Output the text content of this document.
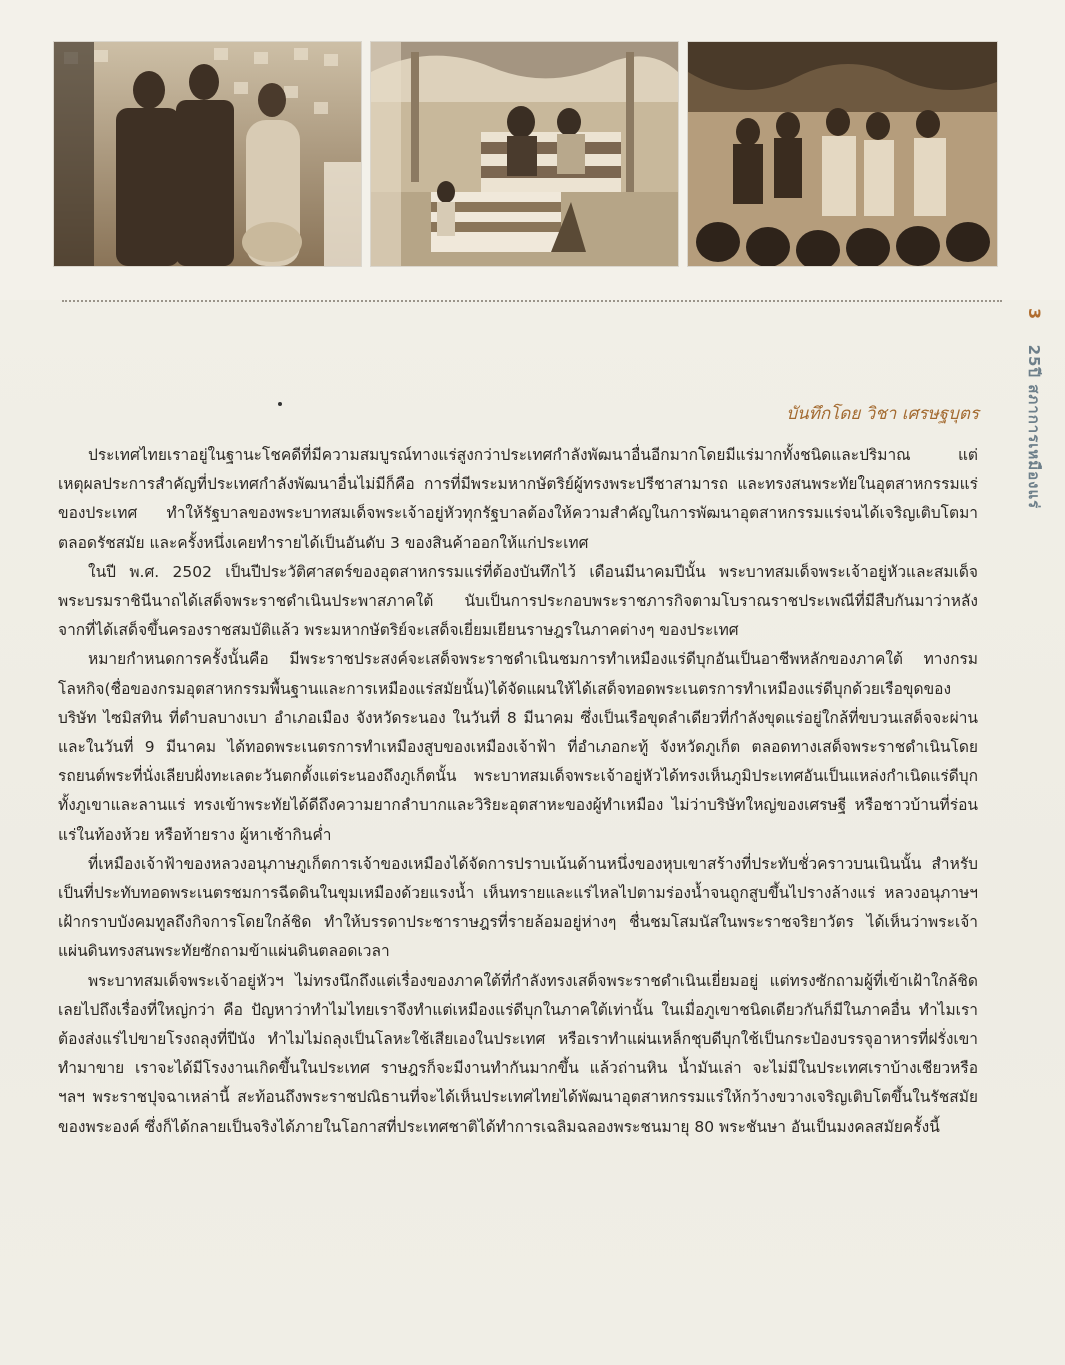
3  25ปี สภาการเหมืองแร่
บันทึกโดย วิชา เศรษฐบุตร

ประเทศไทยเราอยู่ในฐานะโชคดีที่มีความสมบูรณ์ทางแร่สูงกว่าประเทศกำลังพัฒนาอื่นอีกมากโดยมีแร่มากทั้งชนิดและปริมาณ แต่เหตุผลประการสำคัญที่ประเทศกำลังพัฒนาอื่นไม่มีก็คือ การที่มีพระมหากษัตริย์ผู้ทรงพระปรีชาสามารถ และทรงสนพระทัยในอุตสาหกรรมแร่ของประเทศ ทำให้รัฐบาลของพระบาทสมเด็จพระเจ้าอยู่หัวทุกรัฐบาลต้องให้ความสำคัญในการพัฒนาอุตสาหกรรมแร่จนได้เจริญเติบโตมาตลอดรัชสมัย และครั้งหนึ่งเคยทำรายได้เป็นอันดับ 3 ของสินค้าออกให้แก่ประเทศ

ในปี พ.ศ. 2502 เป็นปีประวัติศาสตร์ของอุตสาหกรรมแร่ที่ต้องบันทึกไว้ เดือนมีนาคมปีนั้น พระบาทสมเด็จพระเจ้าอยู่หัวและสมเด็จพระบรมราชินีนาถได้เสด็จพระราชดำเนินประพาสภาคใต้ นับเป็นการประกอบพระราชภารกิจตามโบราณราชประเพณีที่มีสืบกันมาว่าหลังจากที่ได้เสด็จขึ้นครองราชสมบัติแล้ว พระมหากษัตริย์จะเสด็จเยี่ยมเยียนราษฎรในภาคต่างๆ ของประเทศ

หมายกำหนดการครั้งนั้นคือ มีพระราชประสงค์จะเสด็จพระราชดำเนินชมการทำเหมืองแร่ดีบุกอันเป็นอาชีพหลักของภาคใต้ ทางกรมโลหกิจ(ชื่อของกรมอุตสาหกรรมพื้นฐานและการเหมืองแร่สมัยนั้น)ได้จัดแผนให้ได้เสด็จทอดพระเนตรการทำเหมืองแร่ดีบุกด้วยเรือขุดของบริษัท ไซมิสทิน ที่ตำบลบางเบา อำเภอเมือง จังหวัดระนอง ในวันที่ 8 มีนาคม ซึ่งเป็นเรือขุดลำเดียวที่กำลังขุดแร่อยู่ใกล้ที่ขบวนเสด็จจะผ่าน และในวันที่ 9 มีนาคม ได้ทอดพระเนตรการทำเหมืองสูบของเหมืองเจ้าฟ้า ที่อำเภอกะทู้ จังหวัดภูเก็ต ตลอดทางเสด็จพระราชดำเนินโดยรถยนต์พระที่นั่งเลียบฝั่งทะเลตะวันตกตั้งแต่ระนองถึงภูเก็ตนั้น พระบาทสมเด็จพระเจ้าอยู่หัวได้ทรงเห็นภูมิประเทศอันเป็นแหล่งกำเนิดแร่ดีบุก ทั้งภูเขาและลานแร่ ทรงเข้าพระทัยได้ดีถึงความยากลำบากและวิริยะอุตสาหะของผู้ทำเหมือง ไม่ว่าบริษัทใหญ่ของเศรษฐี หรือชาวบ้านที่ร่อนแร่ในท้องห้วย หรือท้ายราง ผู้หาเช้ากินค่ำ

ที่เหมืองเจ้าฟ้าของหลวงอนุภาษภูเก็ตการเจ้าของเหมืองได้จัดการปราบเน้นด้านหนึ่งของหุบเขาสร้างที่ประทับชั่วคราวบนเนินนั้น สำหรับเป็นที่ประทับทอดพระเนตรชมการฉีดดินในขุมเหมืองด้วยแรงน้ำ เห็นทรายและแร่ไหลไปตามร่องน้ำจนถูกสูบขึ้นไปรางล้างแร่ หลวงอนุภาษฯ เฝ้ากราบบังคมทูลถึงกิจการโดยใกล้ชิด ทำให้บรรดาประชาราษฎรที่รายล้อมอยู่ห่างๆ ชื่นชมโสมนัสในพระราชจริยาวัตร ได้เห็นว่าพระเจ้าแผ่นดินทรงสนพระทัยซักถามข้าแผ่นดินตลอดเวลา

พระบาทสมเด็จพระเจ้าอยู่หัวฯ ไม่ทรงนึกถึงแต่เรื่องของภาคใต้ที่กำลังทรงเสด็จพระราชดำเนินเยี่ยมอยู่ แต่ทรงซักถามผู้ที่เข้าเฝ้าใกล้ชิดเลยไปถึงเรื่องที่ใหญ่กว่า คือ ปัญหาว่าทำไมไทยเราจึงทำแต่เหมืองแร่ดีบุกในภาคใต้เท่านั้น ในเมื่อภูเขาชนิดเดียวกันก็มีในภาคอื่น ทำไมเราต้องส่งแร่ไปขายโรงถลุงที่ปีนัง ทำไมไม่ถลุงเป็นโลหะใช้เสียเองในประเทศ หรือเราทำแผ่นเหล็กชุบดีบุกใช้เป็นกระป๋องบรรจุอาหารที่ฝรั่งเขาทำมาขาย เราจะได้มีโรงงานเกิดขึ้นในประเทศ ราษฎรก็จะมีงานทำกันมากขึ้น แล้วถ่านหิน น้ำมันเล่า จะไม่มีในประเทศเราบ้างเชียวหรือ ฯลฯ พระราชปุจฉาเหล่านี้ สะท้อนถึงพระราชปณิธานที่จะได้เห็นประเทศไทยได้พัฒนาอุตสาหกรรมแร่ให้กว้างขวางเจริญเติบโตขึ้นในรัชสมัยของพระองค์ ซึ่งก็ได้กลายเป็นจริงได้ภายในโอกาสที่ประเทศชาติได้ทำการเฉลิมฉลองพระชนมายุ 80 พระชันษา อันเป็นมงคลสมัยครั้งนี้
